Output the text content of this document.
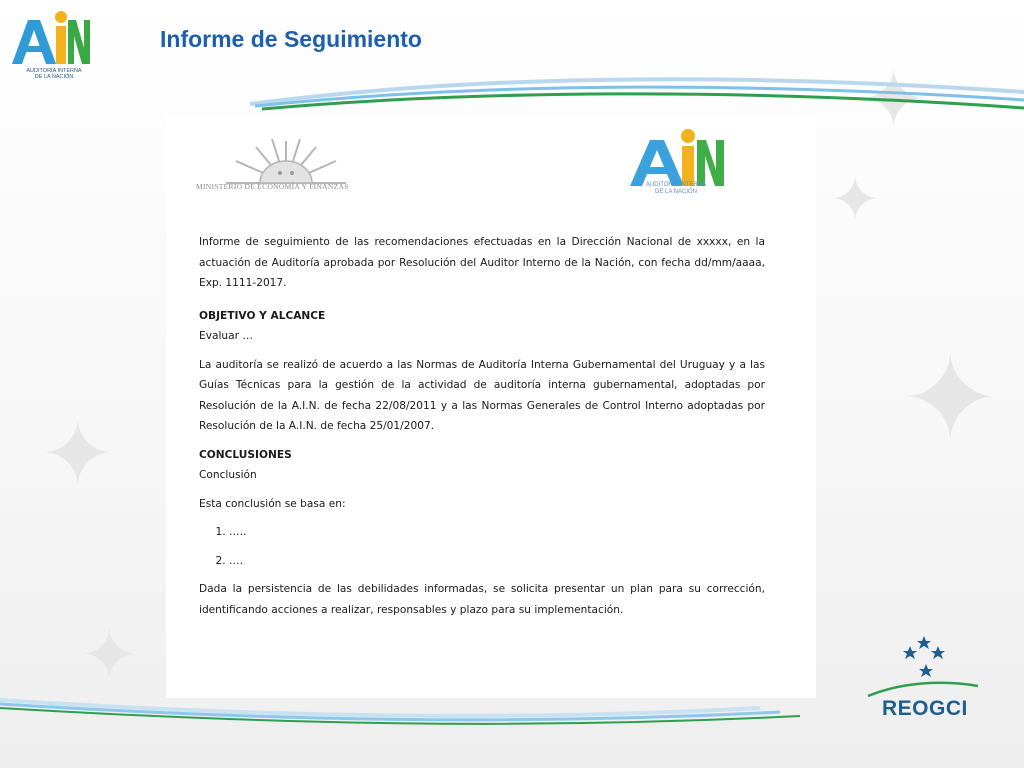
✦
✦
✦
✦
✦
AUDITORÍA INTERNA
DE LA NACIÓN
Informe de Seguimiento
MINISTERIO DE ECONOMÍA Y FINANZAS	AUDITORÍA INTERNA
DE LA NACIÓN

Informe de seguimiento de las recomendaciones efectuadas en la Dirección Nacional de xxxxx, en la actuación de Auditoría aprobada por Resolución del Auditor Interno de la Nación, con fecha dd/mm/aaaa, Exp. 1111-2017.

OBJETIVO Y ALCANCE

Evaluar …

La auditoría se realizó de acuerdo a las Normas de Auditoría Interna Gubernamental del Uruguay y a las Guías Técnicas para la gestión de la actividad de auditoría interna gubernamental, adoptadas por Resolución de la A.I.N. de fecha 22/08/2011 y a las Normas Generales de Control Interno adoptadas por Resolución de la A.I.N. de fecha 25/01/2007.

CONCLUSIONES

Conclusión

Esta conclusión se basa en:

1. …..
2. ….

Dada la persistencia de las debilidades informadas, se solicita presentar un plan para su corrección, identificando acciones a realizar, responsables y plazo para su implementación.

REOGCI
